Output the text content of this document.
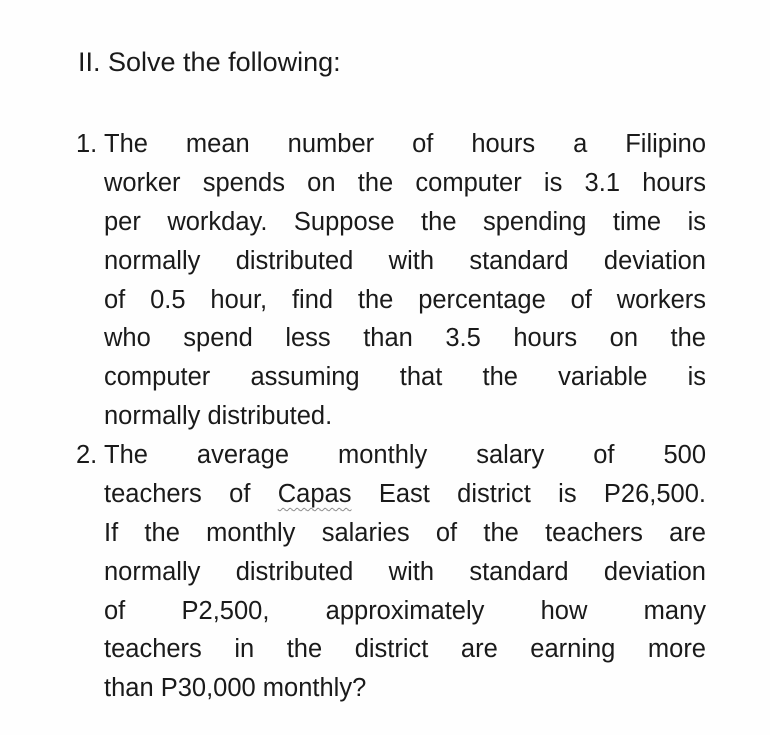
II. Solve the following:
1. The mean number of hours a Filipino
worker spends on the computer is 3.1 hours
per workday. Suppose the spending time is
normally distributed with standard deviation
of 0.5 hour, find the percentage of workers
who spend less than 3.5 hours on the
computer assuming that the variable is
normally distributed.
2. The average monthly salary of 500
teachers of Capas East district is P26,500.
If the monthly salaries of the teachers are
normally distributed with standard deviation
of P2,500, approximately how many
teachers in the district are earning more
than P30,000 monthly?
